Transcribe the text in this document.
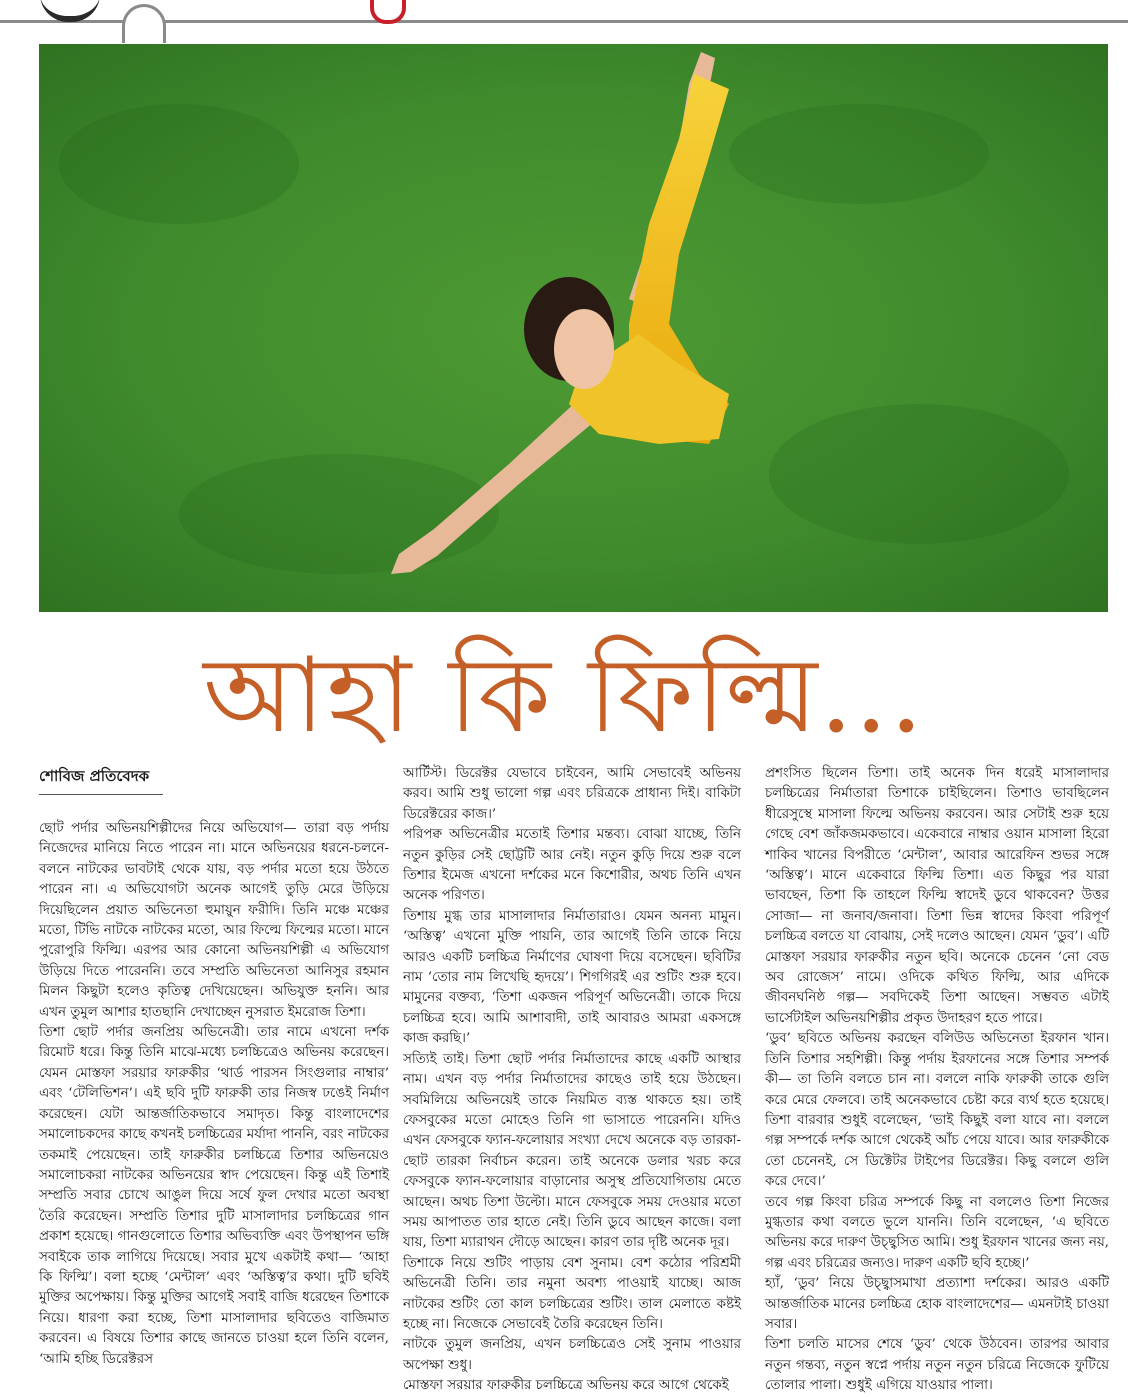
আহা কি ফিল্মি...
শোবিজ প্রতিবেদক

ছোট পর্দার অভিনয়শিল্পীদের নিয়ে অভিযোগ— তারা বড় পর্দায় নিজেদের মানিয়ে নিতে পারেন না। মানে অভিনয়ের ধরনে-চলনে-বলনে নাটকের ভাবটাই থেকে যায়, বড় পর্দার মতো হয়ে উঠতে পারেন না। এ অভিযোগটা অনেক আগেই তুড়ি মেরে উড়িয়ে দিয়েছিলেন প্রয়াত অভিনেতা হুমায়ুন ফরীদি। তিনি মঞ্চে মঞ্চের মতো, টিভি নাটকে নাটকের মতো, আর ফিল্মে ফিল্মের মতো। মানে পুরোপুরি ফিল্মি। এরপর আর কোনো অভিনয়শিল্পী এ অভিযোগ উড়িয়ে দিতে পারেননি। তবে সম্প্রতি অভিনেতা আনিসুর রহমান মিলন কিছুটা হলেও কৃতিত্ব দেখিয়েছেন। অভিযুক্ত হননি। আর এখন তুমুল আশার হাতছানি দেখাচ্ছেন নুসরাত ইমরোজ তিশা।

তিশা ছোট পর্দার জনপ্রিয় অভিনেত্রী। তার নামে এখনো দর্শক রিমোট ধরে। কিন্তু তিনি মাঝে-মধ্যে চলচ্চিত্রেও অভিনয় করেছেন। যেমন মোস্তফা সরয়ার ফারুকীর ‘থার্ড পারসন সিংগুলার নাম্বার’ এবং ‘টেলিভিশন’। এই ছবি দুটি ফারুকী তার নিজস্ব ঢঙেই নির্মাণ করেছেন। যেটা আন্তর্জাতিকভাবে সমাদৃত। কিন্তু বাংলাদেশের সমালোচকদের কাছে কখনই চলচ্চিত্রের মর্যাদা পাননি, বরং নাটকের তকমাই পেয়েছেন। তাই ফারুকীর চলচ্চিত্রে তিশার অভিনয়েও সমালোচকরা নাটকের অভিনয়ের স্বাদ পেয়েছেন। কিন্তু এই তিশাই সম্প্রতি সবার চোখে আঙুল দিয়ে সর্ষে ফুল দেখার মতো অবস্থা তৈরি করেছেন। সম্প্রতি তিশার দুটি মাসালাদার চলচ্চিত্রের গান প্রকাশ হয়েছে। গানগুলোতে তিশার অভিব্যক্তি এবং উপস্থাপন ভঙ্গি সবাইকে তাক লাগিয়ে দিয়েছে। সবার মুখে একটাই কথা— ‘আহা কি ফিল্মি’। বলা হচ্ছে ‘মেন্টাল’ এবং ‘অস্তিত্ব’র কথা। দুটি ছবিই মুক্তির অপেক্ষায়। কিন্তু মুক্তির আগেই সবাই বাজি ধরেছেন তিশাকে নিয়ে। ধারণা করা হচ্ছে, তিশা মাসালাদার ছবিতেও বাজিমাত করবেন। এ বিষয়ে তিশার কাছে জানতে চাওয়া হলে তিনি বলেন, ‘আমি হচ্ছি ডিরেক্টরস

আর্টিস্ট। ডিরেক্টর যেভাবে চাইবেন, আমি সেভাবেই অভিনয় করব। আমি শুধু ভালো গল্প এবং চরিত্রকে প্রাধান্য দিই। বাকিটা ডিরেক্টরের কাজ।’

পরিপক্ব অভিনেত্রীর মতোই তিশার মন্তব্য। বোঝা যাচ্ছে, তিনি নতুন কুড়ির সেই ছোট্টটি আর নেই। নতুন কুড়ি দিয়ে শুরু বলে তিশার ইমেজ এখনো দর্শকের মনে কিশোরীর, অথচ তিনি এখন অনেক পরিণত।

তিশায় মুগ্ধ তার মাসালাদার নির্মাতারাও। যেমন অনন্য মামুন। ‘অস্তিত্ব’ এখনো মুক্তি পায়নি, তার আগেই তিনি তাকে নিয়ে আরও একটি চলচ্চিত্র নির্মাণের ঘোষণা দিয়ে বসেছেন। ছবিটির নাম ‘তোর নাম লিখেছি হৃদয়ে’। শিগগিরই এর শুটিং শুরু হবে। মামুনের বক্তব্য, ‘তিশা একজন পরিপূর্ণ অভিনেত্রী। তাকে দিয়ে চলচ্চিত্র হবে। আমি আশাবাদী, তাই আবারও আমরা একসঙ্গে কাজ করছি।’

সত্যিই তাই। তিশা ছোট পর্দার নির্মাতাদের কাছে একটি আস্থার নাম। এখন বড় পর্দার নির্মাতাদের কাছেও তাই হয়ে উঠছেন। সবমিলিয়ে অভিনয়েই তাকে নিয়মিত ব্যস্ত থাকতে হয়। তাই ফেসবুকের মতো মোহেও তিনি গা ভাসাতে পারেননি। যদিও এখন ফেসবুকে ফ্যান-ফলোয়ার সংখ্যা দেখে অনেকে বড় তারকা-ছোট তারকা নির্বাচন করেন। তাই অনেকে ডলার খরচ করে ফেসবুকে ফ্যান-ফলোয়ার বাড়ানোর অসুস্থ প্রতিযোগিতায় মেতে আছেন। অথচ তিশা উল্টো। মানে ফেসবুকে সময় দেওয়ার মতো সময় আপাতত তার হাতে নেই। তিনি ডুবে আছেন কাজে। বলা যায়, তিশা ম্যারাথন দৌড়ে আছেন। কারণ তার দৃষ্টি অনেক দূর।

তিশাকে নিয়ে শুটিং পাড়ায় বেশ সুনাম। বেশ কঠোর পরিশ্রমী অভিনেত্রী তিনি। তার নমুনা অবশ্য পাওয়াই যাচ্ছে। আজ নাটকের শুটিং তো কাল চলচ্চিত্রের শুটিং। তাল মেলাতে কষ্টই হচ্ছে না। নিজেকে সেভাবেই তৈরি করেছেন তিনি।

নাটকে তুমুল জনপ্রিয়, এখন চলচ্চিত্রেও সেই সুনাম পাওয়ার অপেক্ষা শুধু।

মোস্তফা সরয়ার ফারুকীর চলচ্চিত্রে অভিনয় করে আগে থেকেই

প্রশংসিত ছিলেন তিশা। তাই অনেক দিন ধরেই মাসালাদার চলচ্চিত্রের নির্মাতারা তিশাকে চাইছিলেন। তিশাও ভাবছিলেন ধীরেসুস্থে মাসালা ফিল্মে অভিনয় করবেন। আর সেটাই শুরু হয়ে গেছে বেশ জাঁকজমকভাবে। একেবারে নাম্বার ওয়ান মাসালা হিরো শাকিব খানের বিপরীতে ‘মেন্টাল’, আবার আরেফিন শুভর সঙ্গে ‘অস্তিত্ব’। মানে একেবারে ফিল্মি তিশা। এত কিছুর পর যারা ভাবছেন, তিশা কি তাহলে ফিল্মি স্বাদেই ডুবে থাকবেন? উত্তর সোজা— না জনাব/জনাবা। তিশা ভিন্ন স্বাদের কিংবা পরিপূর্ণ চলচ্চিত্র বলতে যা বোঝায়, সেই দলেও আছেন। যেমন ‘ডুব’। এটি মোস্তফা সরয়ার ফারুকীর নতুন ছবি। অনেকে চেনেন ‘নো বেড অব রোজেস’ নামে। ওদিকে কথিত ফিল্মি, আর এদিকে জীবনঘনিষ্ঠ গল্প— সবদিকেই তিশা আছেন। সম্ভবত এটাই ভার্সেটাইল অভিনয়শিল্পীর প্রকৃত উদাহরণ হতে পারে।

‘ডুব’ ছবিতে অভিনয় করছেন বলিউড অভিনেতা ইরফান খান। তিনি তিশার সহশিল্পী। কিন্তু পর্দায় ইরফানের সঙ্গে তিশার সম্পর্ক কী— তা তিনি বলতে চান না। বললে নাকি ফারুকী তাকে গুলি করে মেরে ফেলবে। তাই অনেকভাবে চেষ্টা করে ব্যর্থ হতে হয়েছে। তিশা বারবার শুধুই বলেছেন, ‘ভাই কিছুই বলা যাবে না। বললে গল্প সম্পর্কে দর্শক আগে থেকেই আঁচ পেয়ে যাবে। আর ফারুকীকে তো চেনেনই, সে ডিক্টেটর টাইপের ডিরেক্টর। কিছু বললে গুলি করে দেবে।’

তবে গল্প কিংবা চরিত্র সম্পর্কে কিছু না বললেও তিশা নিজের মুগ্ধতার কথা বলতে ভুলে যাননি। তিনি বলেছেন, ‘এ ছবিতে অভিনয় করে দারুণ উচ্ছ্বসিত আমি। শুধু ইরফান খানের জন্য নয়, গল্প এবং চরিত্রের জন্যও। দারুণ একটি ছবি হচ্ছে।’

হ্যাঁ, ‘ডুব’ নিয়ে উচ্ছ্বাসমাখা প্রত্যাশা দর্শকের। আরও একটি আন্তর্জাতিক মানের চলচ্চিত্র হোক বাংলাদেশের— এমনটাই চাওয়া সবার।

তিশা চলতি মাসের শেষে ‘ডুব’ থেকে উঠবেন। তারপর আবার নতুন গন্তব্য, নতুন স্বপ্নে পর্দায় নতুন নতুন চরিত্রে নিজেকে ফুটিয়ে তোলার পালা। শুধুই এগিয়ে যাওয়ার পালা।
